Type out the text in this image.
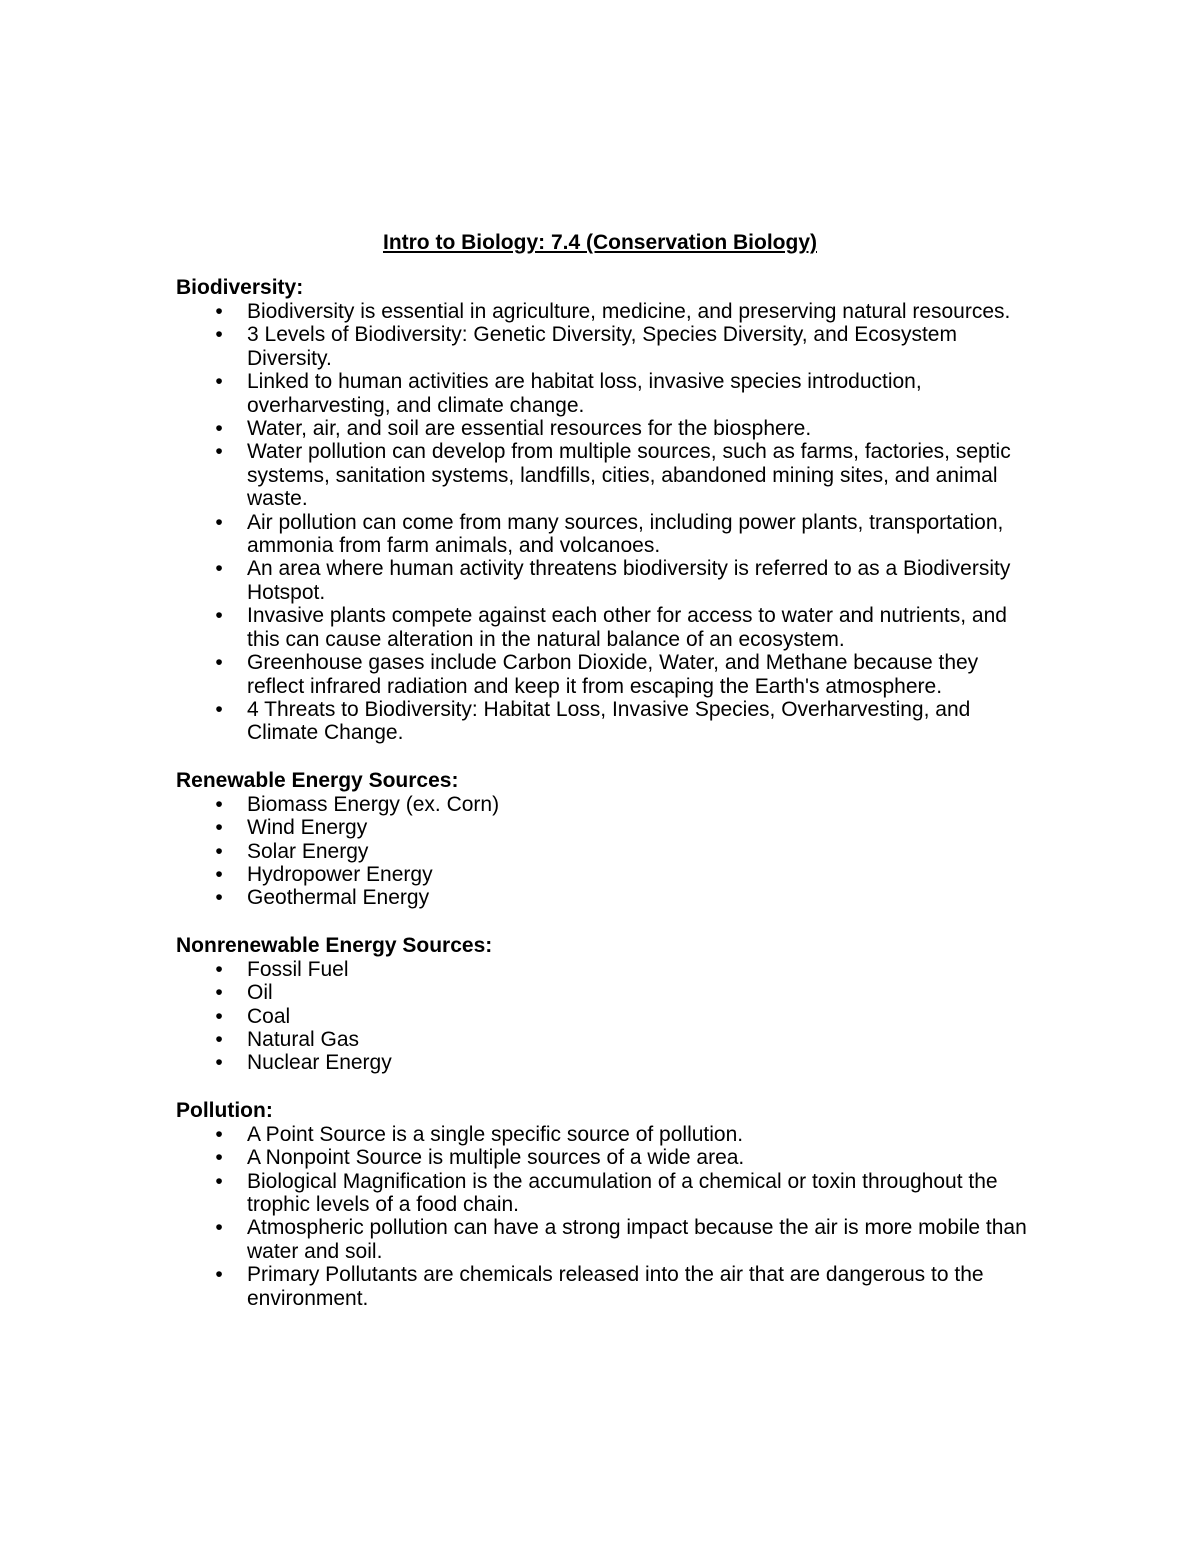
Intro to Biology: 7.4 (Conservation Biology)

Biodiversity:

• Biodiversity is essential in agriculture, medicine, and preserving natural resources.
• 3 Levels of Biodiversity: Genetic Diversity, Species Diversity, and Ecosystem Diversity.
• Linked to human activities are habitat loss, invasive species introduction, overharvesting, and climate change.
• Water, air, and soil are essential resources for the biosphere.
• Water pollution can develop from multiple sources, such as farms, factories, septic systems, sanitation systems, landfills, cities, abandoned mining sites, and animal waste.
• Air pollution can come from many sources, including power plants, transportation, ammonia from farm animals, and volcanoes.
• An area where human activity threatens biodiversity is referred to as a Biodiversity Hotspot.
• Invasive plants compete against each other for access to water and nutrients, and this can cause alteration in the natural balance of an ecosystem.
• Greenhouse gases include Carbon Dioxide, Water, and Methane because they reflect infrared radiation and keep it from escaping the Earth's atmosphere.
• 4 Threats to Biodiversity: Habitat Loss, Invasive Species, Overharvesting, and Climate Change.

Renewable Energy Sources:

• Biomass Energy (ex. Corn)
• Wind Energy
• Solar Energy
• Hydropower Energy
• Geothermal Energy

Nonrenewable Energy Sources:

• Fossil Fuel
• Oil
• Coal
• Natural Gas
• Nuclear Energy

Pollution:

• A Point Source is a single specific source of pollution.
• A Nonpoint Source is multiple sources of a wide area.
• Biological Magnification is the accumulation of a chemical or toxin throughout the trophic levels of a food chain.
• Atmospheric pollution can have a strong impact because the air is more mobile than water and soil.
• Primary Pollutants are chemicals released into the air that are dangerous to the environment.
